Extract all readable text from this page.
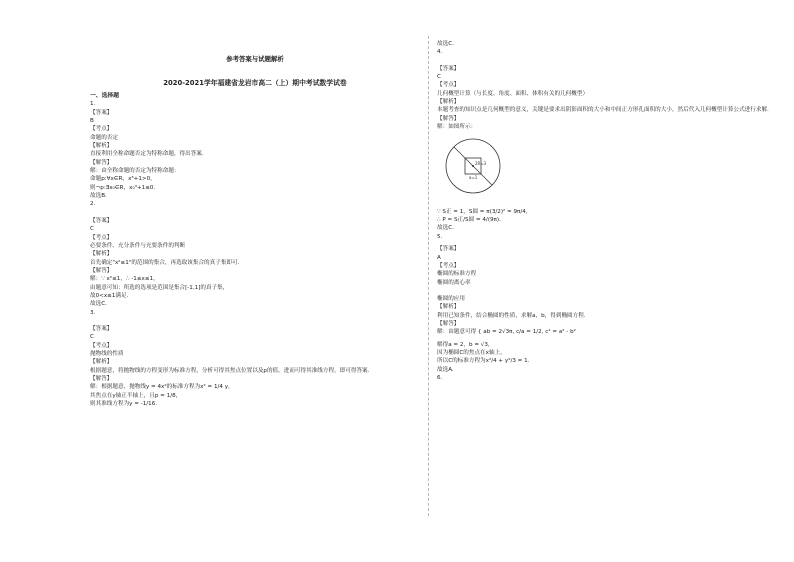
参考答案与试题解析
2020-2021学年福建省龙岩市高二（上）期中考试数学试卷
一、选择题
1.
【答案】
B
【考点】
命题的否定
【解析】
直接利用全称命题否定为特称命题，得出答案.
【解答】
解：由全称命题的否定为特称命题：
命题p:∀x∈R，x³+1>0，
则¬p:∃x₀∈R，x₀³+1≤0.
故选B.
2.
【答案】
C
【考点】
必要条件、充分条件与充要条件的判断
【解析】
首先确定"x²≤1"的范围的集合，再选取该集合的真子集即可.
【解答】
解：∵ x²≤1，∴ -1≤x≤1，
由题意可知：所选的选项是范围是集合[-1,1]的真子集，
故0<x≤1满足.
故选C.
3.
【答案】
C
【考点】
抛物线的性质
【解析】
根据题意，将抛物线的方程变形为标准方程，分析可得其焦点位置以及p的值，进而可得其准线方程，即可得答案.
【解答】
解：根据题意，抛物线y = 4x²的标准方程为x² = 1/4 y，
其焦点在y轴正半轴上，且p = 1/8，
则其准线方程为y = -1/16.
故选C.
4.
【答案】
C
【考点】
几何概型计算（与长度、角度、面积、体积有关的几何概型）
【解析】
本题考查的知识点是几何概型的意义，关键是要求出阴影面积的大小和中间正方形孔面积的大小，然后代入几何概型计算公式进行求解.
【解答】
解：如图所示：
2R=3
a=1
∵ S正 = 1，S圆 = π(3/2)² = 9π/4，
∴ P = S正/S圆 = 4/(9π).
故选C.
5.
【答案】
A
【考点】
椭圆的标准方程
椭圆的离心率
椭圆的应用
【解析】
利用已知条件，结合椭圆的性质，求解a，b，得到椭圆方程.
【解答】
解：由题意可得 { ab = 2√3π, c/a = 1/2, c² = a² - b²
解得a = 2，b = √3，
因为椭圆C的焦点在x轴上，
所以C的标准方程为x²/4 + y²/3 = 1.
故选A.
6.
